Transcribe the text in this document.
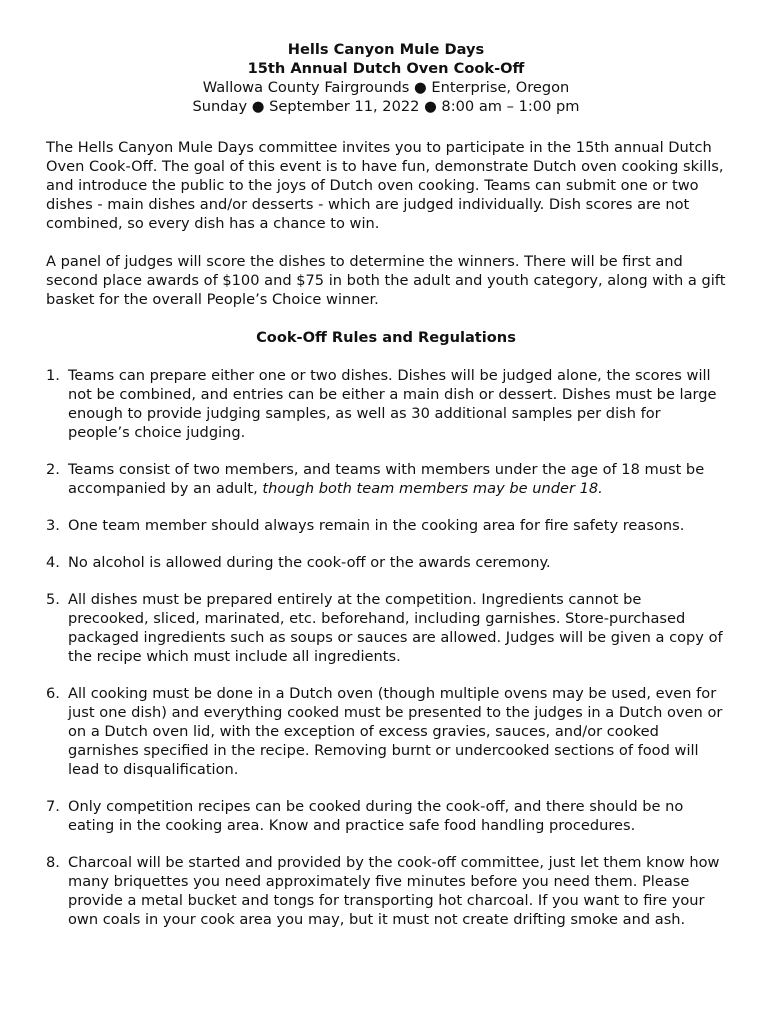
Hells Canyon Mule Days
15th Annual Dutch Oven Cook-Off
Wallowa County Fairgrounds ● Enterprise, Oregon
Sunday ● September 11, 2022 ● 8:00 am – 1:00 pm

The Hells Canyon Mule Days committee invites you to participate in the 15th annual Dutch Oven Cook-Off. The goal of this event is to have fun, demonstrate Dutch oven cooking skills, and introduce the public to the joys of Dutch oven cooking. Teams can submit one or two dishes - main dishes and/or desserts - which are judged individually. Dish scores are not combined, so every dish has a chance to win.

A panel of judges will score the dishes to determine the winners. There will be first and second place awards of $100 and $75 in both the adult and youth category, along with a gift basket for the overall People’s Choice winner.

Cook-Off Rules and Regulations
1. Teams can prepare either one or two dishes. Dishes will be judged alone, the scores will not be combined, and entries can be either a main dish or dessert. Dishes must be large enough to provide judging samples, as well as 30 additional samples per dish for people’s choice judging.
2. Teams consist of two members, and teams with members under the age of 18 must be accompanied by an adult, though both team members may be under 18.
3. One team member should always remain in the cooking area for fire safety reasons.
4. No alcohol is allowed during the cook-off or the awards ceremony.
5. All dishes must be prepared entirely at the competition. Ingredients cannot be precooked, sliced, marinated, etc. beforehand, including garnishes. Store-purchased packaged ingredients such as soups or sauces are allowed. Judges will be given a copy of the recipe which must include all ingredients.
6. All cooking must be done in a Dutch oven (though multiple ovens may be used, even for just one dish) and everything cooked must be presented to the judges in a Dutch oven or on a Dutch oven lid, with the exception of excess gravies, sauces, and/or cooked garnishes specified in the recipe. Removing burnt or undercooked sections of food will lead to disqualification.
7. Only competition recipes can be cooked during the cook-off, and there should be no eating in the cooking area. Know and practice safe food handling procedures.
8. Charcoal will be started and provided by the cook-off committee, just let them know how many briquettes you need approximately five minutes before you need them. Please provide a metal bucket and tongs for transporting hot charcoal. If you want to fire your own coals in your cook area you may, but it must not create drifting smoke and ash.
